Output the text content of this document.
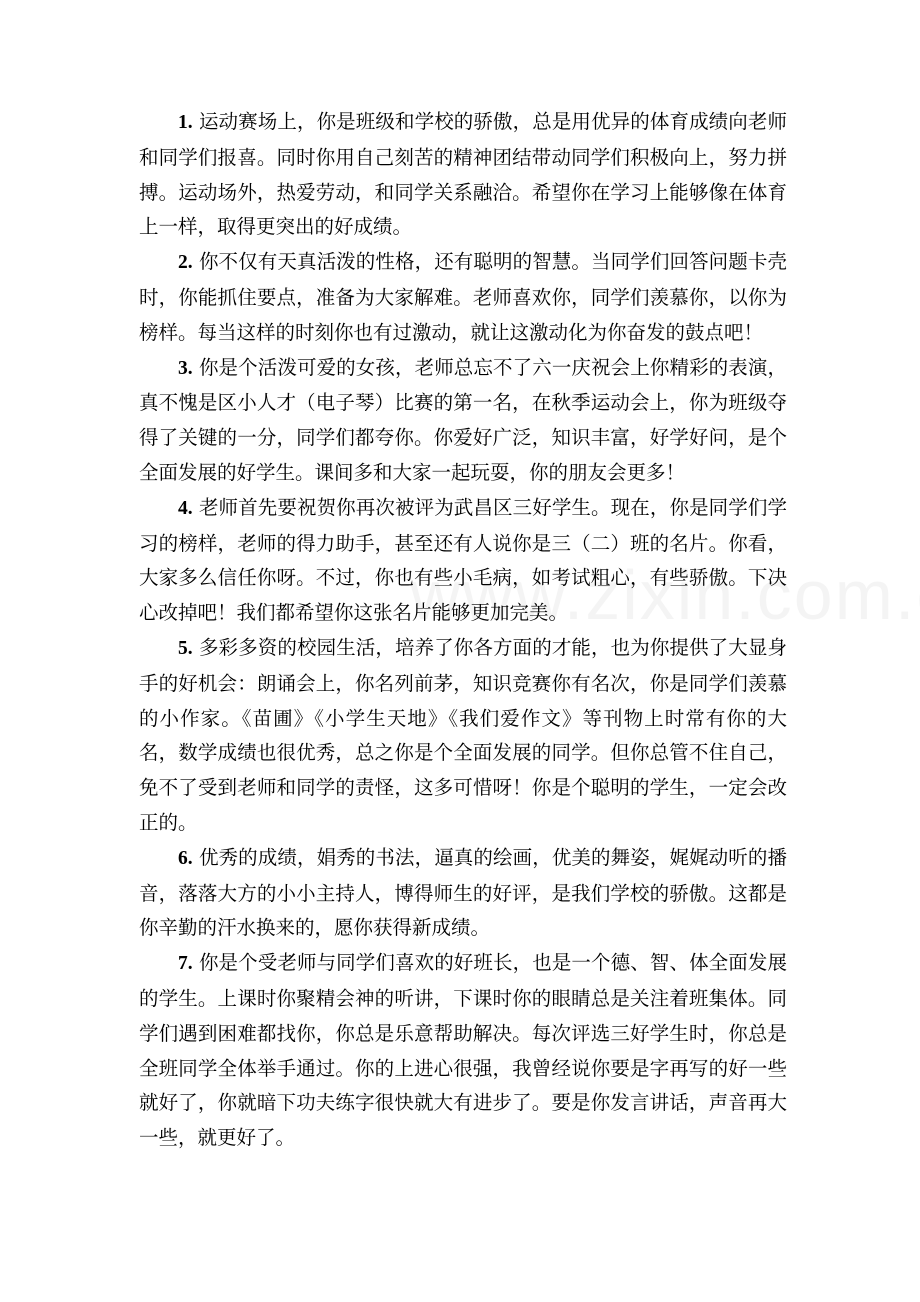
1. 运动赛场上，你是班级和学校的骄傲，总是用优异的体育成绩向老师和同学们报喜。同时你用自己刻苦的精神团结带动同学们积极向上，努力拼搏。运动场外，热爱劳动，和同学关系融洽。希望你在学习上能够像在体育上一样，取得更突出的好成绩。

2. 你不仅有天真活泼的性格，还有聪明的智慧。当同学们回答问题卡壳时，你能抓住要点，准备为大家解难。老师喜欢你，同学们羡慕你，以你为榜样。每当这样的时刻你也有过激动，就让这激动化为你奋发的鼓点吧！

3. 你是个活泼可爱的女孩，老师总忘不了六一庆祝会上你精彩的表演，真不愧是区小人才（电子琴）比赛的第一名，在秋季运动会上，你为班级夺得了关键的一分，同学们都夸你。你爱好广泛，知识丰富，好学好问，是个全面发展的好学生。课间多和大家一起玩耍，你的朋友会更多！

4. 老师首先要祝贺你再次被评为武昌区三好学生。现在，你是同学们学习的榜样，老师的得力助手，甚至还有人说你是三（二）班的名片。你看，大家多么信任你呀。不过，你也有些小毛病，如考试粗心，有些骄傲。下决心改掉吧！我们都希望你这张名片能够更加完美。

5. 多彩多资的校园生活，培养了你各方面的才能，也为你提供了大显身手的好机会：朗诵会上，你名列前茅，知识竞赛你有名次，你是同学们羡慕的小作家。《苗圃》《小学生天地》《我们爱作文》等刊物上时常有你的大名，数学成绩也很优秀，总之你是个全面发展的同学。但你总管不住自己，免不了受到老师和同学的责怪，这多可惜呀！你是个聪明的学生，一定会改正的。

6. 优秀的成绩，娟秀的书法，逼真的绘画，优美的舞姿，娓娓动听的播音，落落大方的小小主持人，博得师生的好评，是我们学校的骄傲。这都是你辛勤的汗水换来的，愿你获得新成绩。

7. 你是个受老师与同学们喜欢的好班长，也是一个德、智、体全面发展的学生。上课时你聚精会神的听讲，下课时你的眼睛总是关注着班集体。同学们遇到困难都找你，你总是乐意帮助解决。每次评选三好学生时，你总是全班同学全体举手通过。你的上进心很强，我曾经说你要是字再写的好一些就好了，你就暗下功夫练字很快就大有进步了。要是你发言讲话，声音再大一些，就更好了。
